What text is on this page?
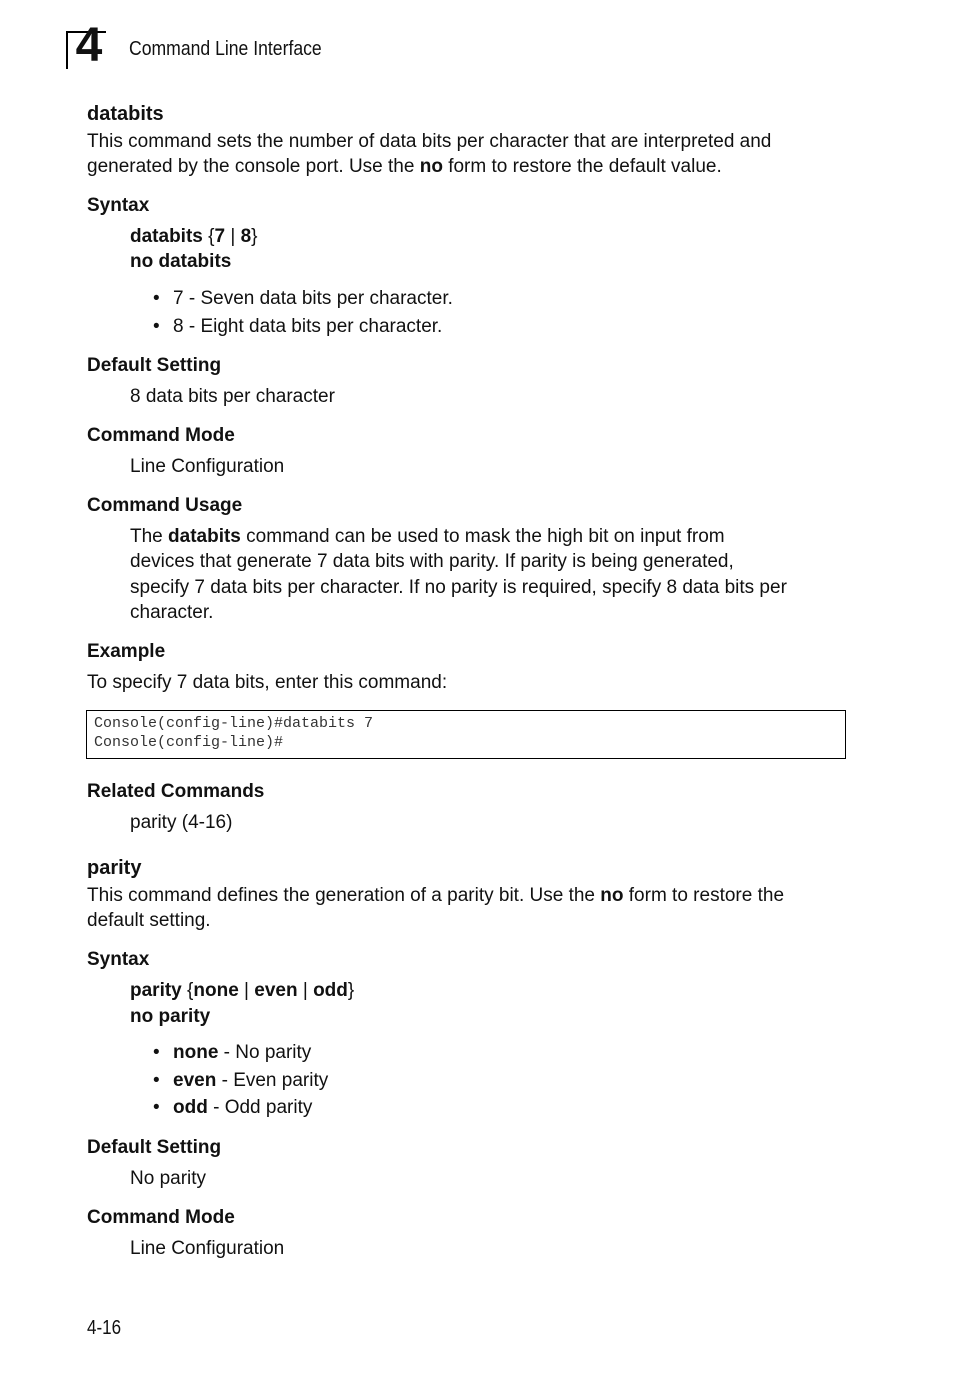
4	Command Line Interface
databits
This command sets the number of data bits per character that are interpreted and
generated by the console port. Use the no form to restore the default value.
Syntax
databits {7 | 8}
no databits
• 7 - Seven data bits per character.
• 8 - Eight data bits per character.
Default Setting
8 data bits per character
Command Mode
Line Configuration
Command Usage
The databits command can be used to mask the high bit on input from
devices that generate 7 data bits with parity. If parity is being generated,
specify 7 data bits per character. If no parity is required, specify 8 data bits per
character.
Example
To specify 7 data bits, enter this command:
Console(config-line)#databits 7
Console(config-line)#
Related Commands
parity (4-16)
parity
This command defines the generation of a parity bit. Use the no form to restore the
default setting.
Syntax
parity {none | even | odd}
no parity
• none - No parity
• even - Even parity
• odd - Odd parity
Default Setting
No parity
Command Mode
Line Configuration
4-16
